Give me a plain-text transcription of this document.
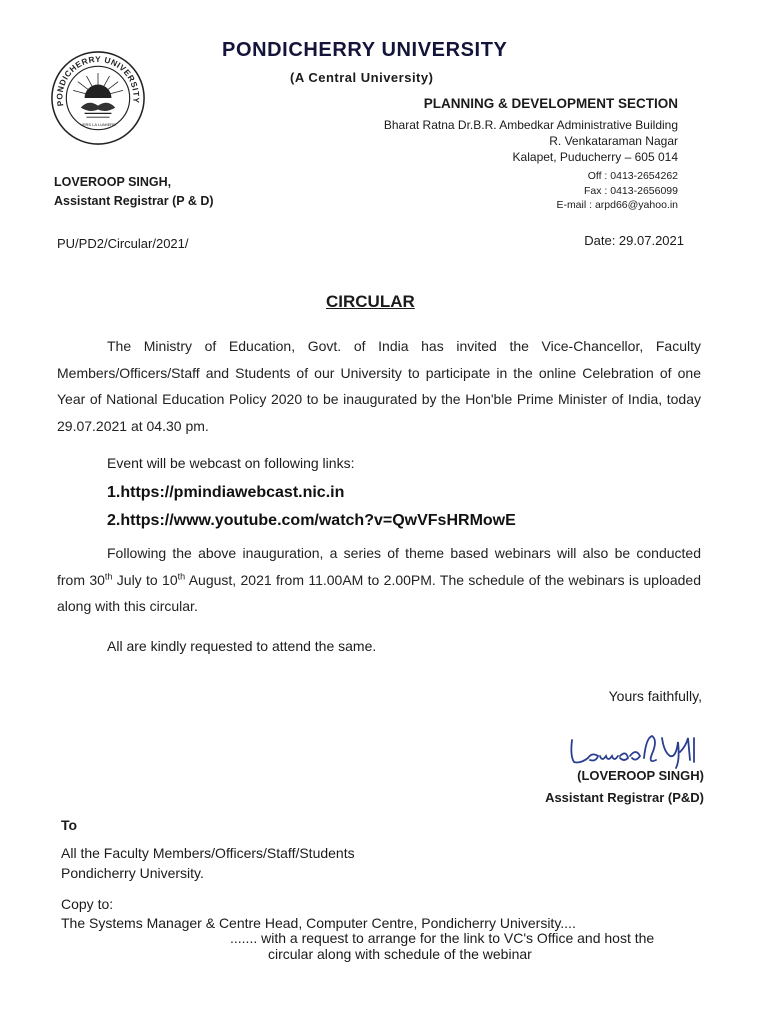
PONDICHERRY UNIVERSITY
VERS LA LUMIERE
PONDICHERRY UNIVERSITY
(A Central University)
PLANNING & DEVELOPMENT SECTION
Bharat Ratna Dr.B.R. Ambedkar Administrative Building
R. Venkataraman Nagar
Kalapet, Puducherry – 605 014
Off : 0413-2654262
Fax : 0413-2656099
E-mail : arpd66@yahoo.in
LOVEROOP SINGH,
Assistant Registrar (P & D)
PU/PD2/Circular/2021/	Date: 29.07.2021
CIRCULAR
The Ministry of Education, Govt. of India has invited the Vice-Chancellor, Faculty Members/Officers/Staff and Students of our University to participate in the online Celebration of one Year of National Education Policy 2020 to be inaugurated by the Hon'ble Prime Minister of India, today 29.07.2021 at 04.30 pm.
Event will be webcast on following links:
1.https://pmindiawebcast.nic.in
2.https://www.youtube.com/watch?v=QwVFsHRMowE
Following the above inauguration, a series of theme based webinars will also be conducted from 30th July to 10th August, 2021 from 11.00AM to 2.00PM. The schedule of the webinars is uploaded along with this circular.
All are kindly requested to attend the same.
Yours faithfully,
(LOVEROOP SINGH)
Assistant Registrar (P&D)
To
All the Faculty Members/Officers/Staff/Students
Pondicherry University.
Copy to:
The Systems Manager & Centre Head, Computer Centre, Pondicherry University....
....... with a request to arrange for the link to VC's Office and host the
circular along with schedule of the webinar
